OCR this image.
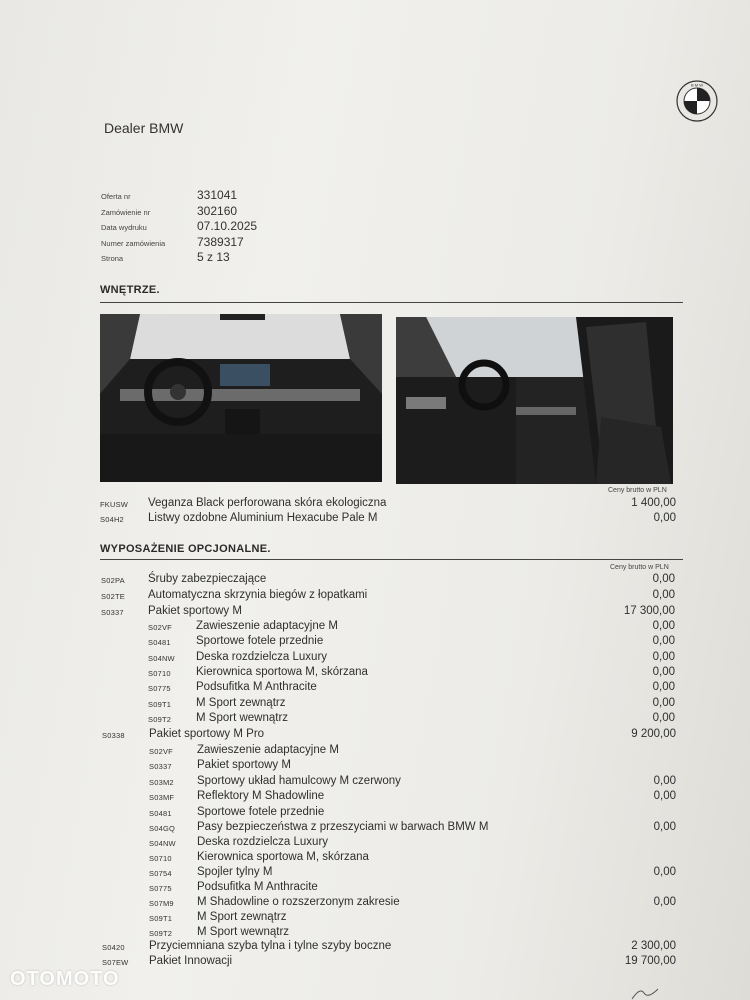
B M W
Dealer BMW
Oferta nr	331041
Zamówienie nr	302160
Data wydruku	07.10.2025
Numer zamówienia	7389317
Strona	5 z 13
WNĘTRZE.
Ceny brutto w PLN
FKUSW Veganza Black perforowana skóra ekologiczna	1 400,00
S04H2 Listwy ozdobne Aluminium Hexacube Pale M	0,00
WYPOSAŻENIE OPCJONALNE.
Ceny brutto w PLN
S02PA Śruby zabezpieczające	0,00
S02TE Automatyczna skrzynia biegów z łopatkami	0,00
S0337 Pakiet sportowy M	17 300,00
S02VF Zawieszenie adaptacyjne M	0,00
S0481 Sportowe fotele przednie	0,00
S04NW Deska rozdzielcza Luxury	0,00
S0710 Kierownica sportowa M, skórzana	0,00
S0775 Podsufitka M Anthracite	0,00
S09T1 M Sport zewnątrz	0,00
S09T2 M Sport wewnątrz	0,00
S0338 Pakiet sportowy M Pro	9 200,00
S02VF Zawieszenie adaptacyjne M
S0337 Pakiet sportowy M
S03M2 Sportowy układ hamulcowy M czerwony	0,00
S03MF Reflektory M Shadowline	0,00
S0481 Sportowe fotele przednie
S04GQ Pasy bezpieczeństwa z przeszyciami w barwach BMW M	0,00
S04NW Deska rozdzielcza Luxury
S0710 Kierownica sportowa M, skórzana
S0754 Spojler tylny M	0,00
S0775 Podsufitka M Anthracite
S07M9 M Shadowline o rozszerzonym zakresie	0,00
S09T1 M Sport zewnątrz
S09T2 M Sport wewnątrz
S0420 Przyciemniana szyba tylna i tylne szyby boczne	2 300,00
S07EW Pakiet Innowacji	19 700,00
OTOMOTO
